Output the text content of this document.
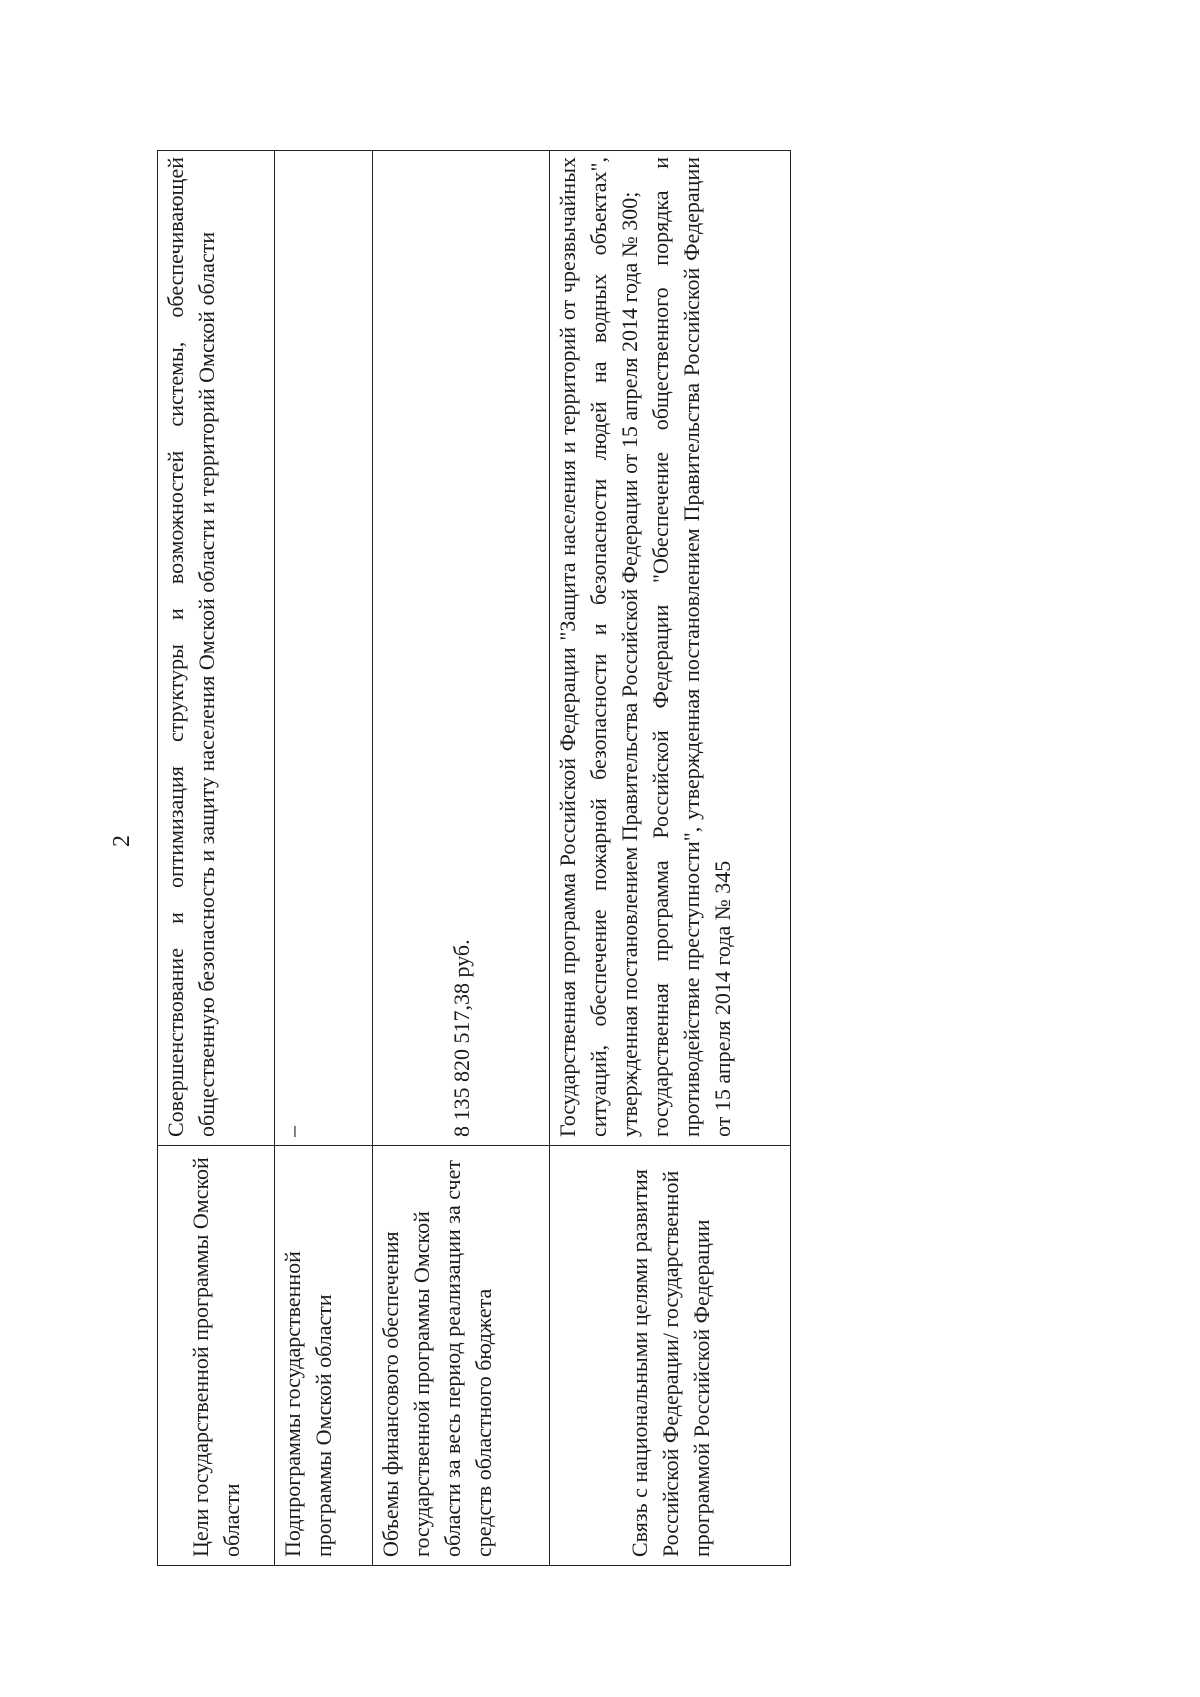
2
Цели государственной программы Омской области	Совершенствование и оптимизация структуры и возможностей системы, обеспечивающей общественную безопасность и защиту населения Омской области и территорий Омской области
Подпрограммы государственной программы Омской области	–
Объемы финансового обеспечения государственной программы Омской области за весь период реализации за счет средств областного бюджета	8 135 820 517,38 руб.
Связь с национальными целями развития Российской Федерации/ государственной программой Российской Федерации	Государственная программа Российской Федерации "Защита населения и территорий от чрезвычайных ситуаций, обеспечение пожарной безопасности и безопасности людей на водных объектах", утвержденная постановлением Правительства Российской Федерации от 15 апреля 2014 года № 300; государственная программа Российской Федерации "Обеспечение общественного порядка и противодействие преступности", утвержденная постановлением Правительства Российской Федерации от 15 апреля 2014 года № 345
